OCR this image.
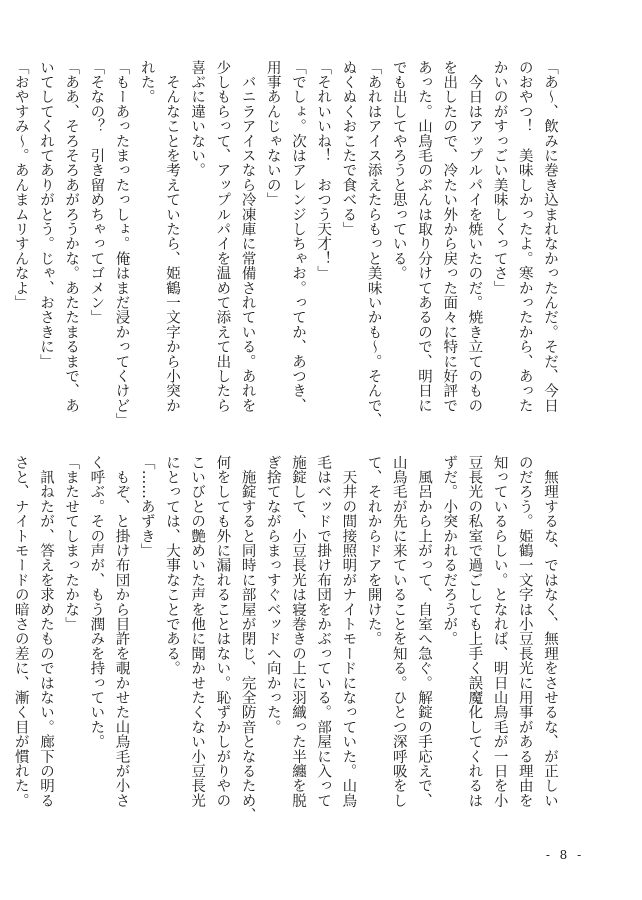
「あ〜、飲みに巻き込まれなかったんだ。そだ、今日
のおやつ！　美味しかったよ。寒かったから、あった
かいのがすっごい美味しくってさ」
　今日はアップルパイを焼いたのだ。焼き立てのもの
を出したので、冷たい外から戻った面々に特に好評で
あった。山鳥毛のぶんは取り分けてあるので、明日に
でも出してやろうと思っている。
「あれはアイス添えたらもっと美味いかも〜。そんで、
ぬくぬくおこたで食べる」
「それいいね！　おつう天才！」
「でしょ。次はアレンジしちゃお。ってか、あつき、
用事あんじゃないの」
　バニラアイスなら冷凍庫に常備されている。あれを
少しもらって、アップルパイを温めて添えて出したら
喜ぶに違いない。
　そんなことを考えていたら、姫鶴一文字から小突か
れた。
「もーあったまったっしょ。俺はまだ浸かってくけど」
「そなの？　引き留めちゃってゴメン」
「ああ、そろそろあがろうかな。あたたまるまで、あ
いてしてくれてありがとう。じゃ、おさきに」
「おやすみ〜。あんまムリすんなよ」
　無理するな、ではなく、無理をさせるな、が正しい
のだろう。姫鶴一文字は小豆長光に用事がある理由を
知っているらしい。となれば、明日山鳥毛が一日を小
豆長光の私室で過ごしても上手く誤魔化してくれるは
ずだ。小突かれるだろうが。
　風呂から上がって、自室へ急ぐ。解錠の手応えで、
山鳥毛が先に来ていることを知る。ひとつ深呼吸をし
て、それからドアを開けた。
　天井の間接照明がナイトモードになっていた。山鳥
毛はベッドで掛け布団をかぶっている。部屋に入って
施錠して、小豆長光は寝巻きの上に羽織った半纏を脱
ぎ捨てながらまっすぐベッドへ向かった。
　施錠すると同時に部屋が閉じ、完全防音となるため、
何をしても外に漏れることはない。恥ずかしがりやの
こいびとの艶めいた声を他に聞かせたくない小豆長光
にとっては、大事なことである。
「……あずき」
　もぞ、と掛け布団から目許を覗かせた山鳥毛が小さ
く呼ぶ。その声が、もう潤みを持っていた。
「またせてしまったかな」
　訊ねたが、答えを求めたものではない。廊下の明る
さと、ナイトモードの暗さの差に、漸く目が慣れた。
- 8 -
